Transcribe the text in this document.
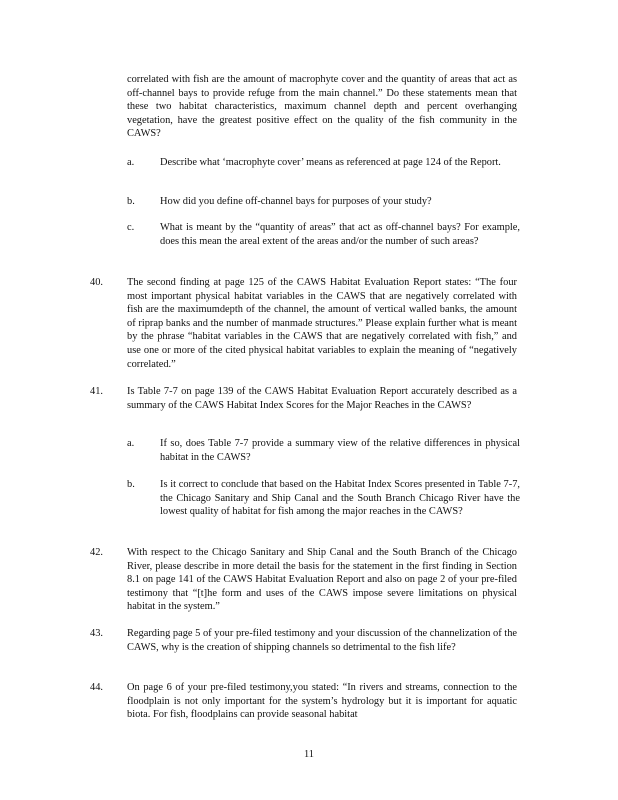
correlated with fish are the amount of macrophyte cover and the quantity of areas that act as off-channel bays to provide refuge from the main channel.” Do these statements mean that these two habitat characteristics, maximum channel depth and percent overhanging vegetation, have the greatest positive effect on the quality of the fish community in the CAWS?
a. Describe what ‘macrophyte cover’ means as referenced at page 124 of the Report.
b. How did you define off-channel bays for purposes of your study?
c. What is meant by the “quantity of areas” that act as off-channel bays? For example, does this mean the areal extent of the areas and/or the number of such areas?
40. The second finding at page 125 of the CAWS Habitat Evaluation Report states: “The four most important physical habitat variables in the CAWS that are negatively correlated with fish are the maximumdepth of the channel, the amount of vertical walled banks, the amount of riprap banks and the number of manmade structures.” Please explain further what is meant by the phrase “habitat variables in the CAWS that are negatively correlated with fish,” and use one or more of the cited physical habitat variables to explain the meaning of “negatively correlated.”
41. Is Table 7-7 on page 139 of the CAWS Habitat Evaluation Report accurately described as a summary of the CAWS Habitat Index Scores for the Major Reaches in the CAWS?
a. If so, does Table 7-7 provide a summary view of the relative differences in physical habitat in the CAWS?
b. Is it correct to conclude that based on the Habitat Index Scores presented in Table 7-7, the Chicago Sanitary and Ship Canal and the South Branch Chicago River have the lowest quality of habitat for fish among the major reaches in the CAWS?
42. With respect to the Chicago Sanitary and Ship Canal and the South Branch of the Chicago River, please describe in more detail the basis for the statement in the first finding in Section 8.1 on page 141 of the CAWS Habitat Evaluation Report and also on page 2 of your pre-filed testimony that “[t]he form and uses of the CAWS impose severe limitations on physical habitat in the system.”
43. Regarding page 5 of your pre-filed testimony and your discussion of the channelization of the CAWS, why is the creation of shipping channels so detrimental to the fish life?
44. On page 6 of your pre-filed testimony,you stated: “In rivers and streams, connection to the floodplain is not only important for the system’s hydrology but it is important for aquatic biota. For fish, floodplains can provide seasonal habitat
11
